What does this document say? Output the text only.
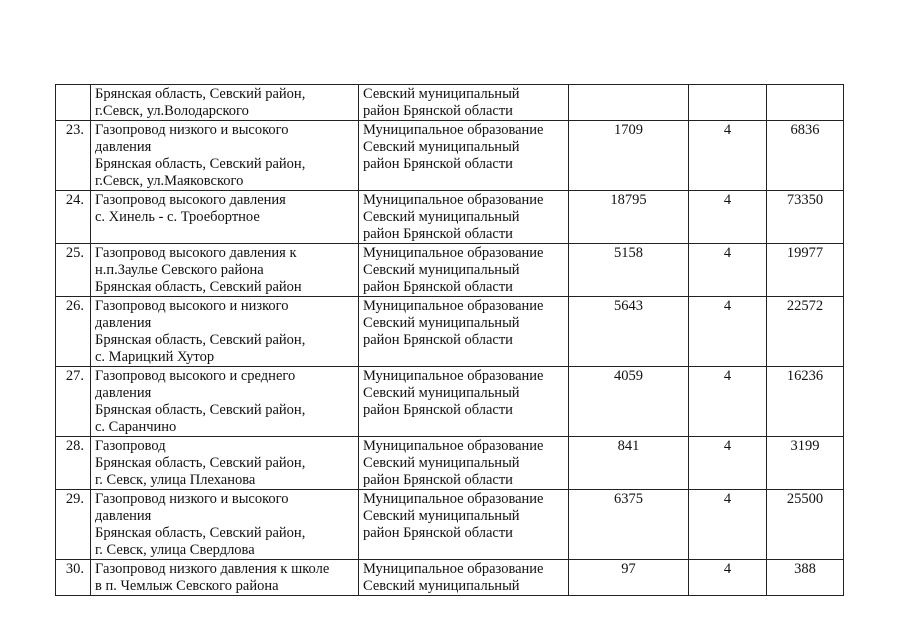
	Брянская область, Севский район,
г.Севск, ул.Володарского	Севский муниципальный
район Брянской области			

23.	Газопровод низкого и высокого
давления
Брянская область, Севский район,
г.Севск, ул.Маяковского	Муниципальное образование
Севский муниципальный
район Брянской области	1709	4	6836
24.	Газопровод высокого давления
с. Хинель - с. Троебортное	Муниципальное образование
Севский муниципальный
район Брянской области	18795	4	73350
25.	Газопровод высокого давления к
н.п.Заулье Севского района
Брянская область, Севский район	Муниципальное образование
Севский муниципальный
район Брянской области	5158	4	19977
26.	Газопровод высокого и низкого
давления
Брянская область, Севский район,
с. Марицкий Хутор	Муниципальное образование
Севский муниципальный
район Брянской области	5643	4	22572
27.	Газопровод высокого и среднего
давления
Брянская область, Севский район,
с. Саранчино	Муниципальное образование
Севский муниципальный
район Брянской области	4059	4	16236
28.	Газопровод
Брянская область, Севский район,
г. Севск, улица Плеханова	Муниципальное образование
Севский муниципальный
район Брянской области	841	4	3199
29.	Газопровод низкого и высокого
давления
Брянская область, Севский район,
г. Севск, улица Свердлова	Муниципальное образование
Севский муниципальный
район Брянской области	6375	4	25500
30.	Газопровод низкого давления к школе
в п. Чемлыж Севского района	Муниципальное образование
Севский муниципальный	97	4	388
